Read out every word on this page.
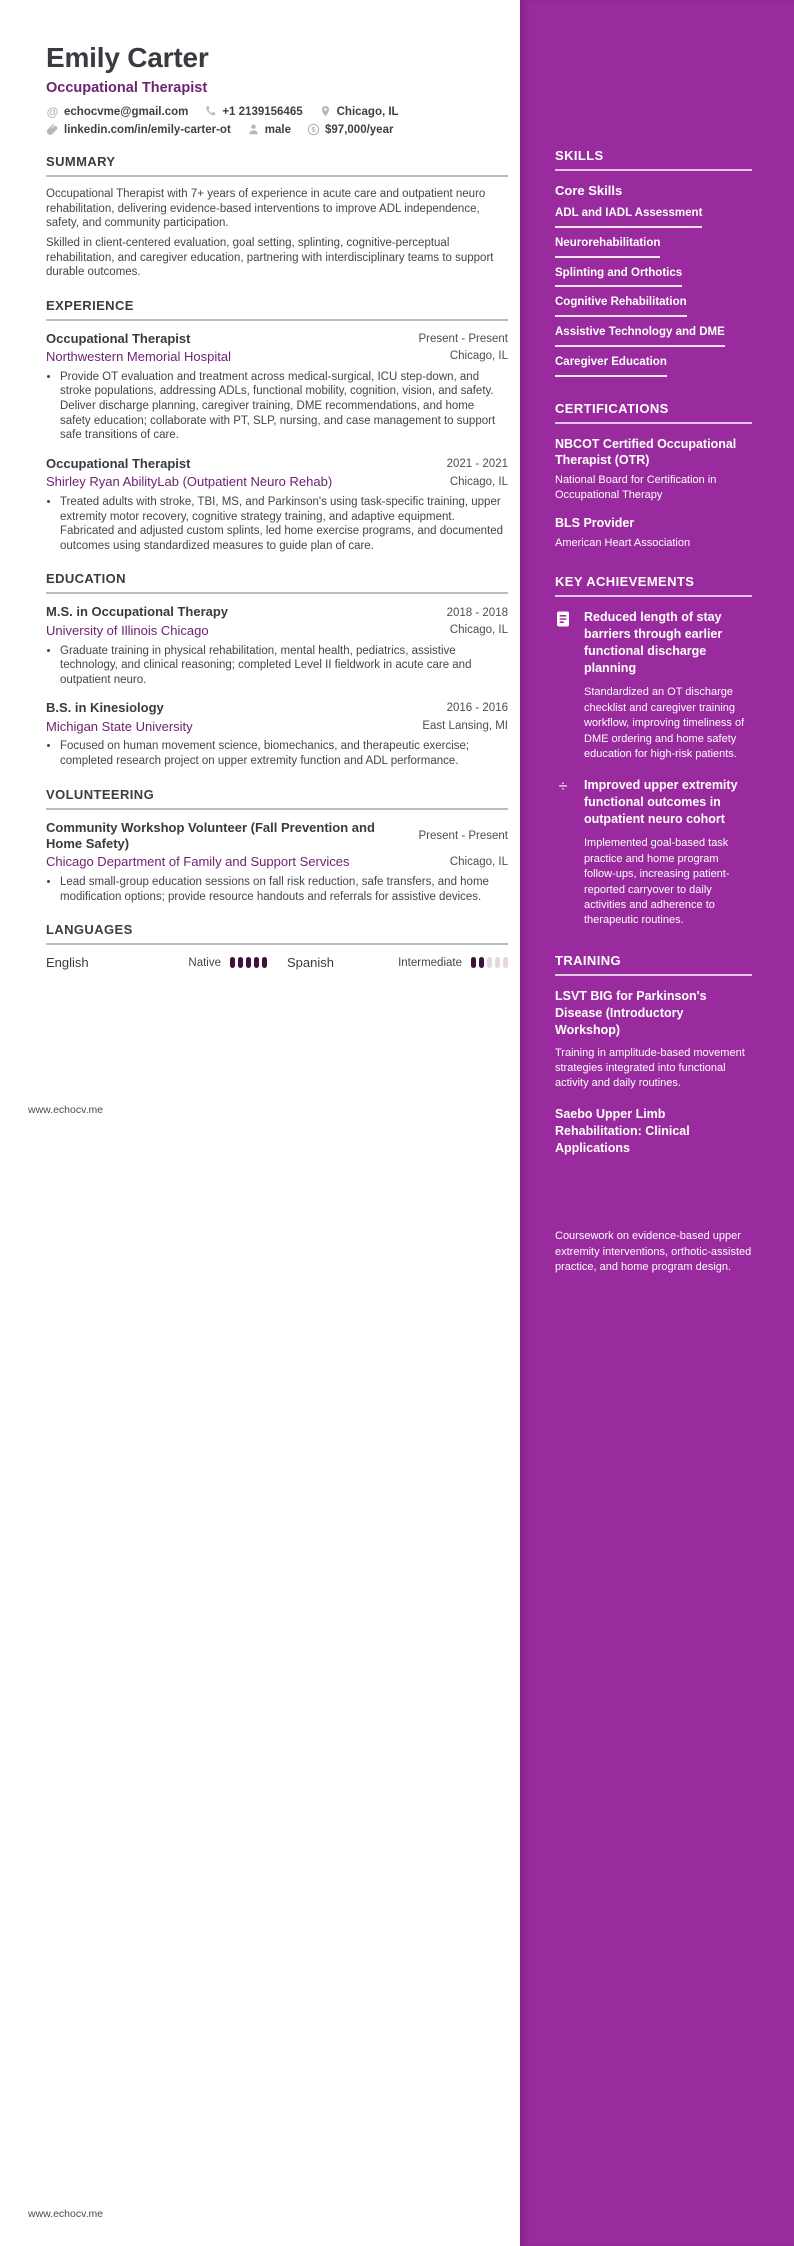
Emily Carter
Occupational Therapist
@ echocvme@gmail.com	+1 2139156465	Chicago, IL
linkedin.com/in/emily-carter-ot	male $ $97,000/year
SUMMARY

Occupational Therapist with 7+ years of experience in acute care and outpatient neuro rehabilitation, delivering evidence-based interventions to improve ADL independence, safety, and community participation.

Skilled in client-centered evaluation, goal setting, splinting, cognitive-perceptual rehabilitation, and caregiver education, partnering with interdisciplinary teams to support durable outcomes.

EXPERIENCE
Occupational Therapist	Present - Present
Northwestern Memorial Hospital	Chicago, IL
• Provide OT evaluation and treatment across medical-surgical, ICU step-down, and stroke populations, addressing ADLs, functional mobility, cognition, vision, and safety. Deliver discharge planning, caregiver training, DME recommendations, and home safety education; collaborate with PT, SLP, nursing, and case management to support safe transitions of care.
Occupational Therapist	2021 - 2021
Shirley Ryan AbilityLab (Outpatient Neuro Rehab)	Chicago, IL
• Treated adults with stroke, TBI, MS, and Parkinson's using task-specific training, upper extremity motor recovery, cognitive strategy training, and adaptive equipment. Fabricated and adjusted custom splints, led home exercise programs, and documented outcomes using standardized measures to guide plan of care.
EDUCATION
M.S. in Occupational Therapy	2018 - 2018
University of Illinois Chicago	Chicago, IL
• Graduate training in physical rehabilitation, mental health, pediatrics, assistive technology, and clinical reasoning; completed Level II fieldwork in acute care and outpatient neuro.
B.S. in Kinesiology	2016 - 2016
Michigan State University	East Lansing, MI
• Focused on human movement science, biomechanics, and therapeutic exercise; completed research project on upper extremity function and ADL performance.
VOLUNTEERING
Community Workshop Volunteer (Fall Prevention and Home Safety)	Present - Present
Chicago Department of Family and Support Services	Chicago, IL
• Lead small-group education sessions on fall risk reduction, safe transfers, and home modification options; provide resource handouts and referrals for assistive devices.
LANGUAGES
English	Native	Spanish	Intermediate
www.echocv.me
www.echocv.me
SKILLS
Core Skills
ADL and IADL Assessment
Neurorehabilitation
Splinting and Orthotics
Cognitive Rehabilitation
Assistive Technology and DME
Caregiver Education
CERTIFICATIONS
NBCOT Certified Occupational Therapist (OTR)
National Board for Certification in Occupational Therapy
BLS Provider
American Heart Association
KEY ACHIEVEMENTS
Reduced length of stay barriers through earlier functional discharge planning
Standardized an OT discharge checklist and caregiver training workflow, improving timeliness of DME ordering and home safety education for high-risk patients.
÷ Improved upper extremity functional outcomes in outpatient neuro cohort
Implemented goal-based task practice and home program follow-ups, increasing patient-reported carryover to daily activities and adherence to therapeutic routines.
TRAINING
LSVT BIG for Parkinson's Disease (Introductory Workshop)
Training in amplitude-based movement strategies integrated into functional activity and daily routines.
Saebo Upper Limb Rehabilitation: Clinical Applications
Coursework on evidence-based upper extremity interventions, orthotic-assisted practice, and home program design.
